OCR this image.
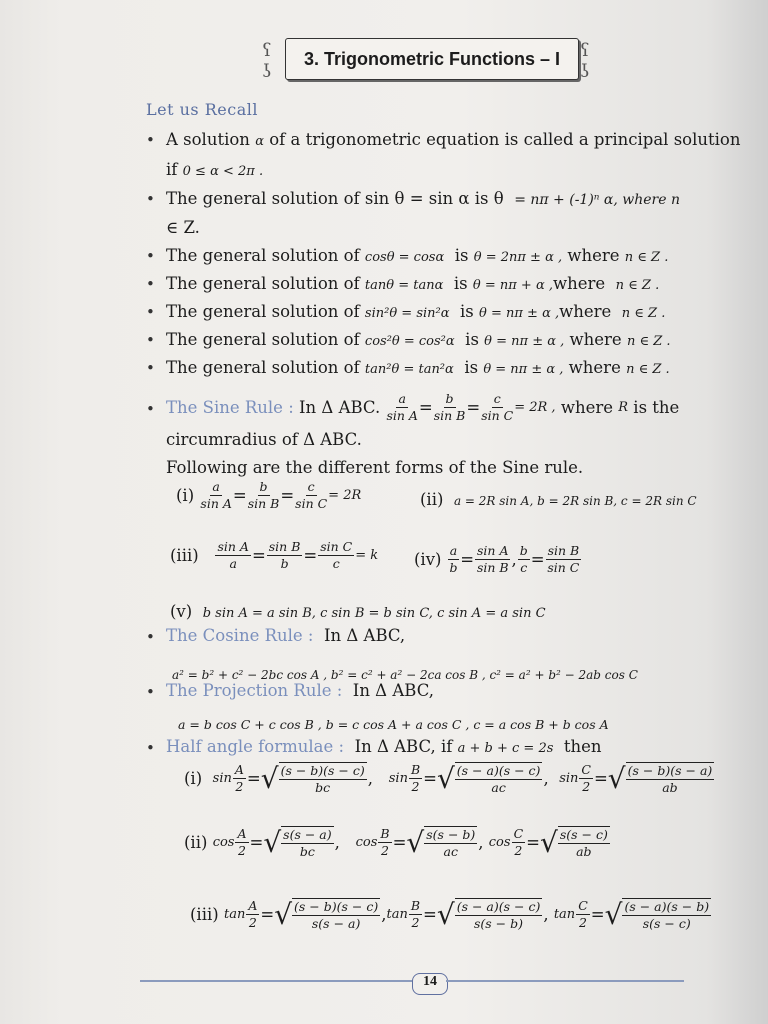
ʕ
ʖ
3. Trigonometric Functions – I ʕ
ʖ
Let us Recall
• A solution α of a trigonometric equation is called a principal solution
if 0 ≤ α < 2π .
• The general solution of sin θ = sin α is θ = nπ + (-1)ⁿ α, where n
∈ Z.
• The general solution of cosθ = cosα is θ = 2nπ ± α , where n ∈ Z .
• The general solution of tanθ = tanα is θ = nπ + α ,where n ∈ Z .
• The general solution of sin²θ = sin²α is θ = nπ ± α ,where n ∈ Z .
• The general solution of cos²θ = cos²α is θ = nπ ± α , where n ∈ Z .
• The general solution of tan²θ = tan²α is θ = nπ ± α , where n ∈ Z .
• The Sine Rule :
In Δ ABC.
$\frac{a}{\text{sin A}} = \frac{b}{\text{sin B}} = \frac{c}{\text{sin C}} = 2R$ ,
where
R
is the
circumradius of Δ ABC.
Following are the different forms of the Sine rule.
(i)
$\frac{a}{\text{sin A}} = \frac{b}{\text{sin B}} = \frac{c}{\text{sin C}} = 2R$	(ii) a = 2R sin A, b = 2R sin B, c = 2R sin C
(iii)
$\frac{\text{sin A}}{a} = \frac{\text{sin B}}{b} = \frac{\text{sin C}}{c} = k$ (iv)
$\frac{a}{b} = \frac{\text{sin A}}{\text{sin B}}$ , $\frac{b}{c} = \frac{\text{sin B}}{\text{sin C}}$
(v) b sin A = a sin B, c sin B = b sin C, c sin A = a sin C
• The Cosine Rule : In Δ ABC,
a² = b² + c² − 2bc cos A , b² = c² + a² − 2ca cos B , c² = a² + b² − 2ab cos C
• The Projection Rule : In Δ ABC,
a = b cos C + c cos B , b = c cos A + a cos C , c = a cos B + b cos A
• Half angle formulae : In Δ ABC, if a + b + c = 2s then
(i)
$\sin \frac{A}{2}$ = √ $\frac{(s - b)(s - c)}{bc}$ , $\sin \frac{B}{2}$ = √ $\frac{(s - a)(s - c)}{ac}$ , $\sin \frac{C}{2}$ = √ $\frac{(s - b)(s - a)}{ab}$
(ii)
$\cos \frac{A}{2}$ = √ $\frac{s(s - a)}{bc}$ , $\cos \frac{B}{2}$ = √ $\frac{s(s - b)}{ac}$ , $\cos \frac{C}{2}$ = √ $\frac{s(s - c)}{ab}$
(iii)
$\tan \frac{A}{2}$ = √ $\frac{(s - b)(s - c)}{s(s - a)}$ , $\tan \frac{B}{2}$ = √ $\frac{(s - a)(s - c)}{s(s - b)}$ , $\tan \frac{C}{2}$ = √ $\frac{(s - a)(s - b)}{s(s - c)}$
14
